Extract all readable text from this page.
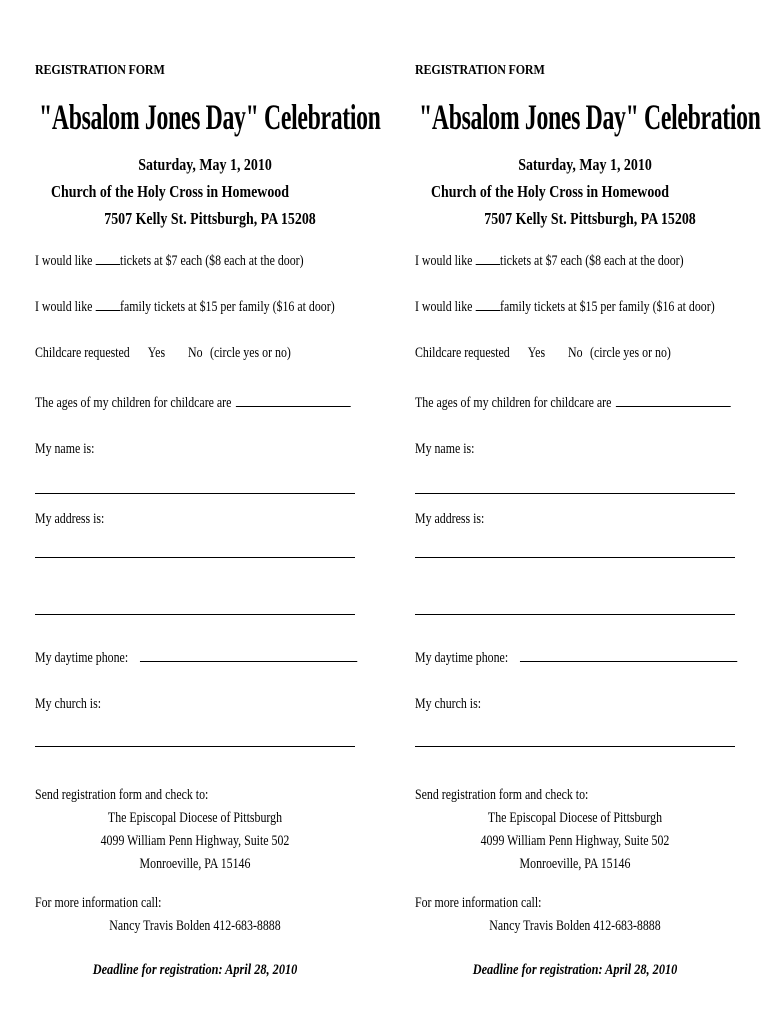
REGISTRATION FORM
"Absalom Jones Day" Celebration
Saturday, May 1, 2010
Church of the Holy Cross in Homewood
7507 Kelly St. Pittsburgh, PA 15208
I would like tickets at $7 each ($8 each at the door)
I would like family tickets at $15 per family ($16 at door)
Childcare requested Yes No (circle yes or no)
The ages of my children for childcare are
My name is:
My address is:
My daytime phone:
My church is:
Send registration form and check to:
The Episcopal Diocese of Pittsburgh
4099 William Penn Highway, Suite 502
Monroeville, PA 15146
For more information call:
Nancy Travis Bolden 412-683-8888
Deadline for registration: April 28, 2010
REGISTRATION FORM
"Absalom Jones Day" Celebration
Saturday, May 1, 2010
Church of the Holy Cross in Homewood
7507 Kelly St. Pittsburgh, PA 15208
I would like tickets at $7 each ($8 each at the door)
I would like family tickets at $15 per family ($16 at door)
Childcare requested Yes No (circle yes or no)
The ages of my children for childcare are
My name is:
My address is:
My daytime phone:
My church is:
Send registration form and check to:
The Episcopal Diocese of Pittsburgh
4099 William Penn Highway, Suite 502
Monroeville, PA 15146
For more information call:
Nancy Travis Bolden 412-683-8888
Deadline for registration: April 28, 2010
